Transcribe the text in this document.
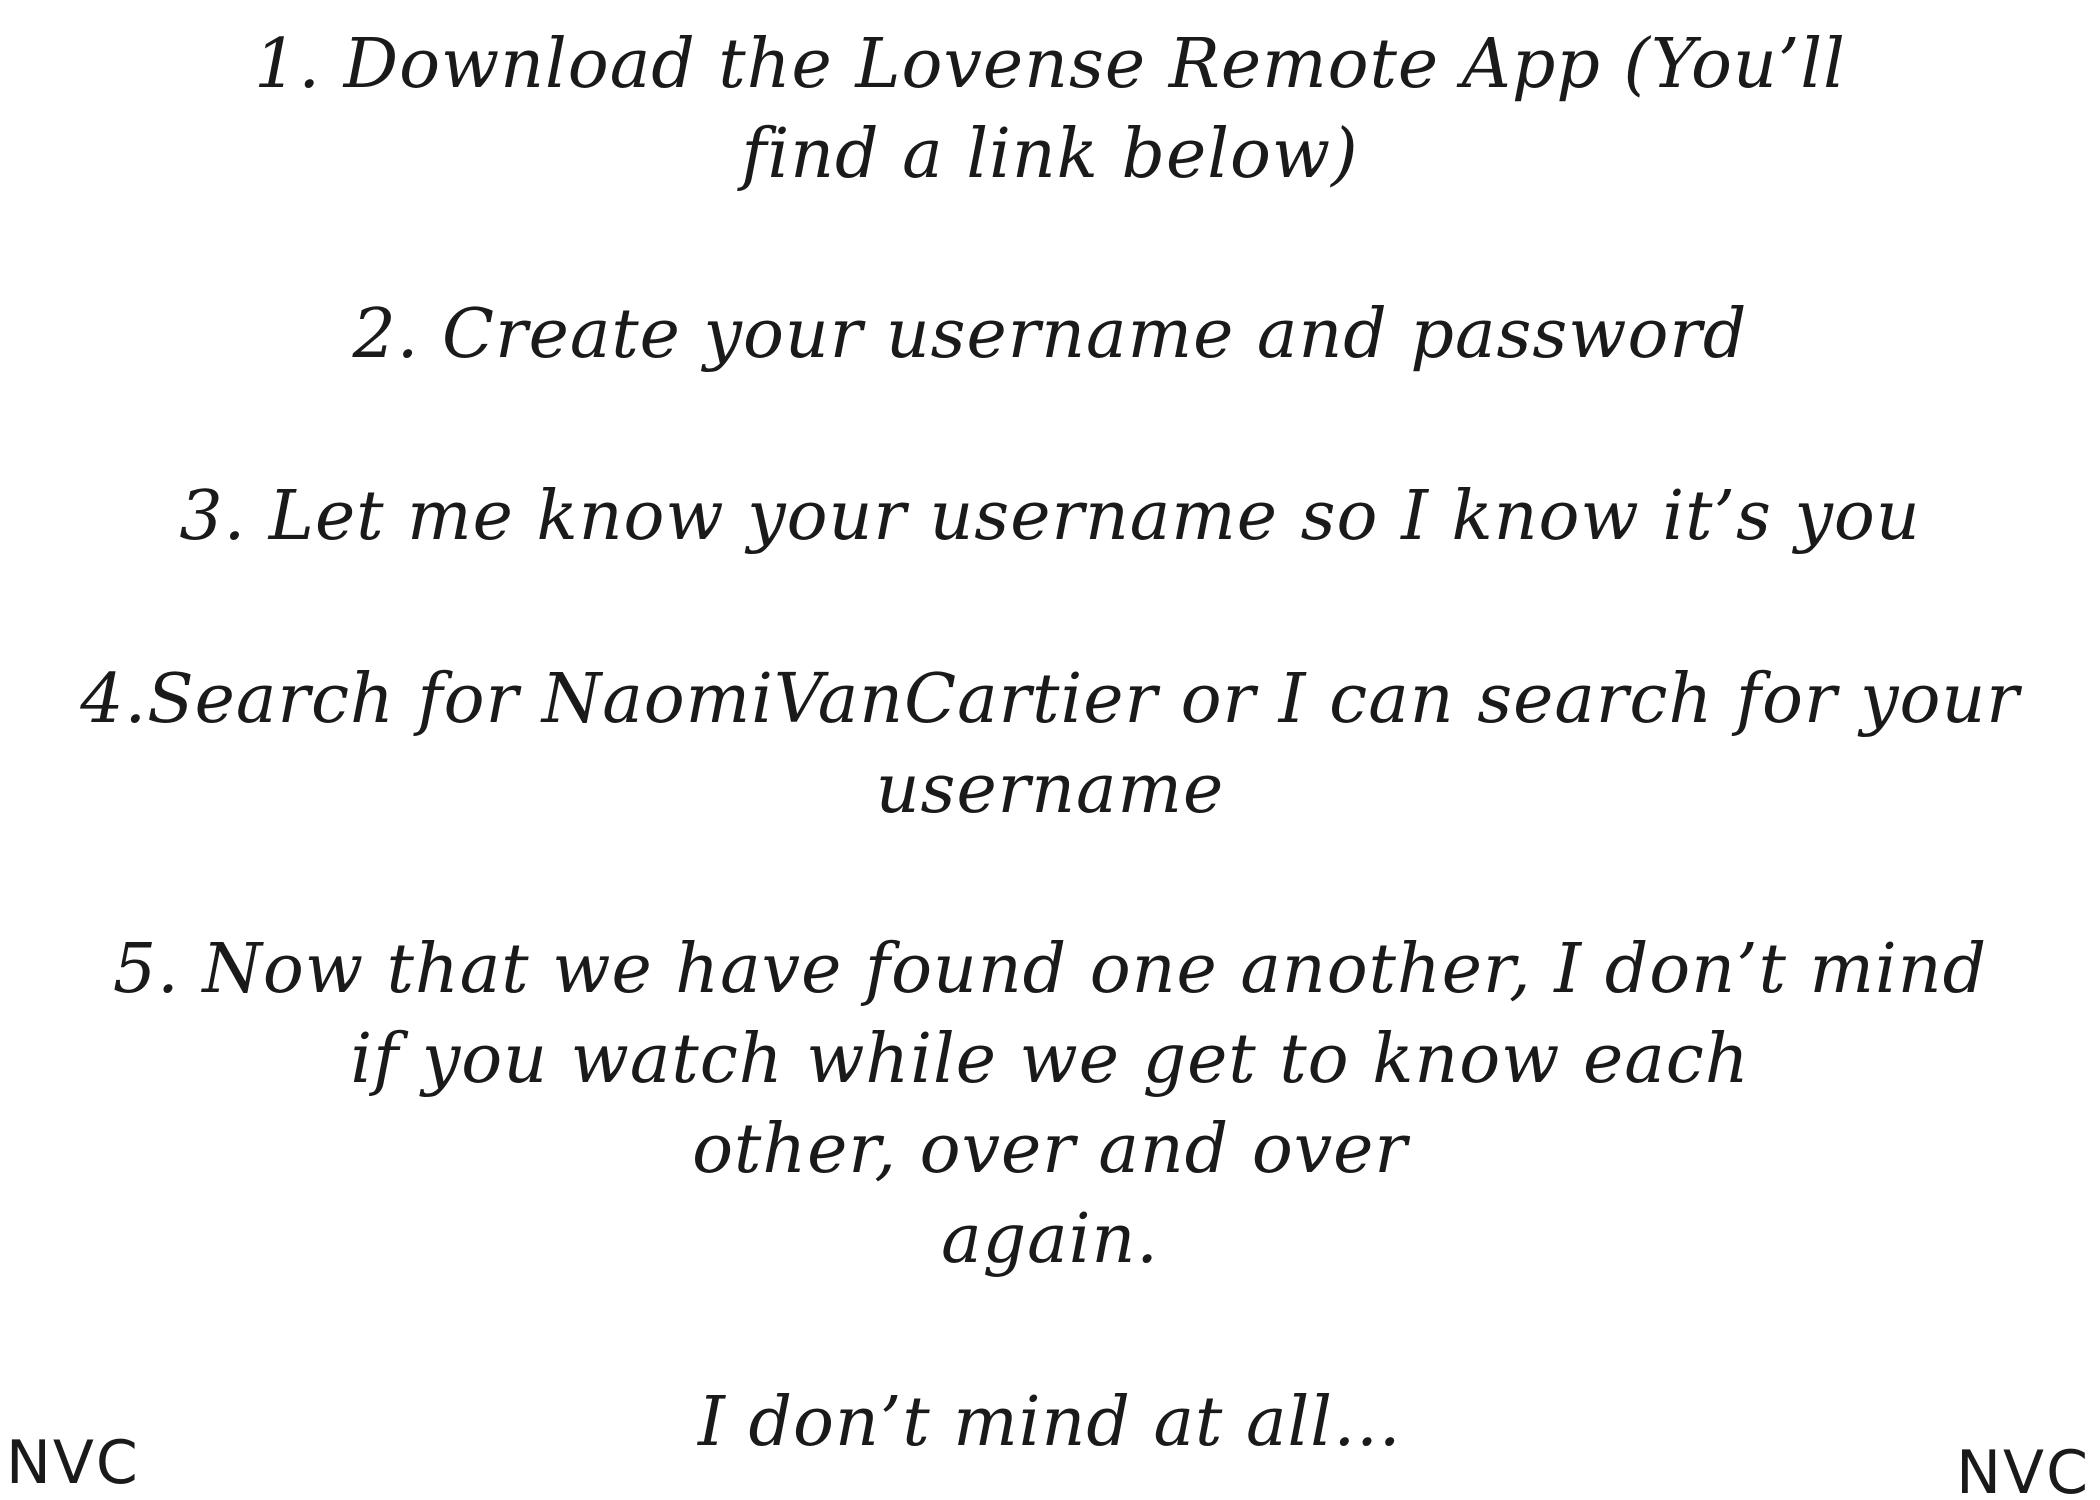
1. Download the Lovense Remote App (You’ll
find a link below)
2. Create your username and password
3. Let me know your username so I know it’s you
4.Search for NaomiVanCartier or I can search for your
username
5. Now that we have found one another, I don’t mind
if you watch while we get to know each
other, over and over
again.
I don’t mind at all…
NVC	NVC
